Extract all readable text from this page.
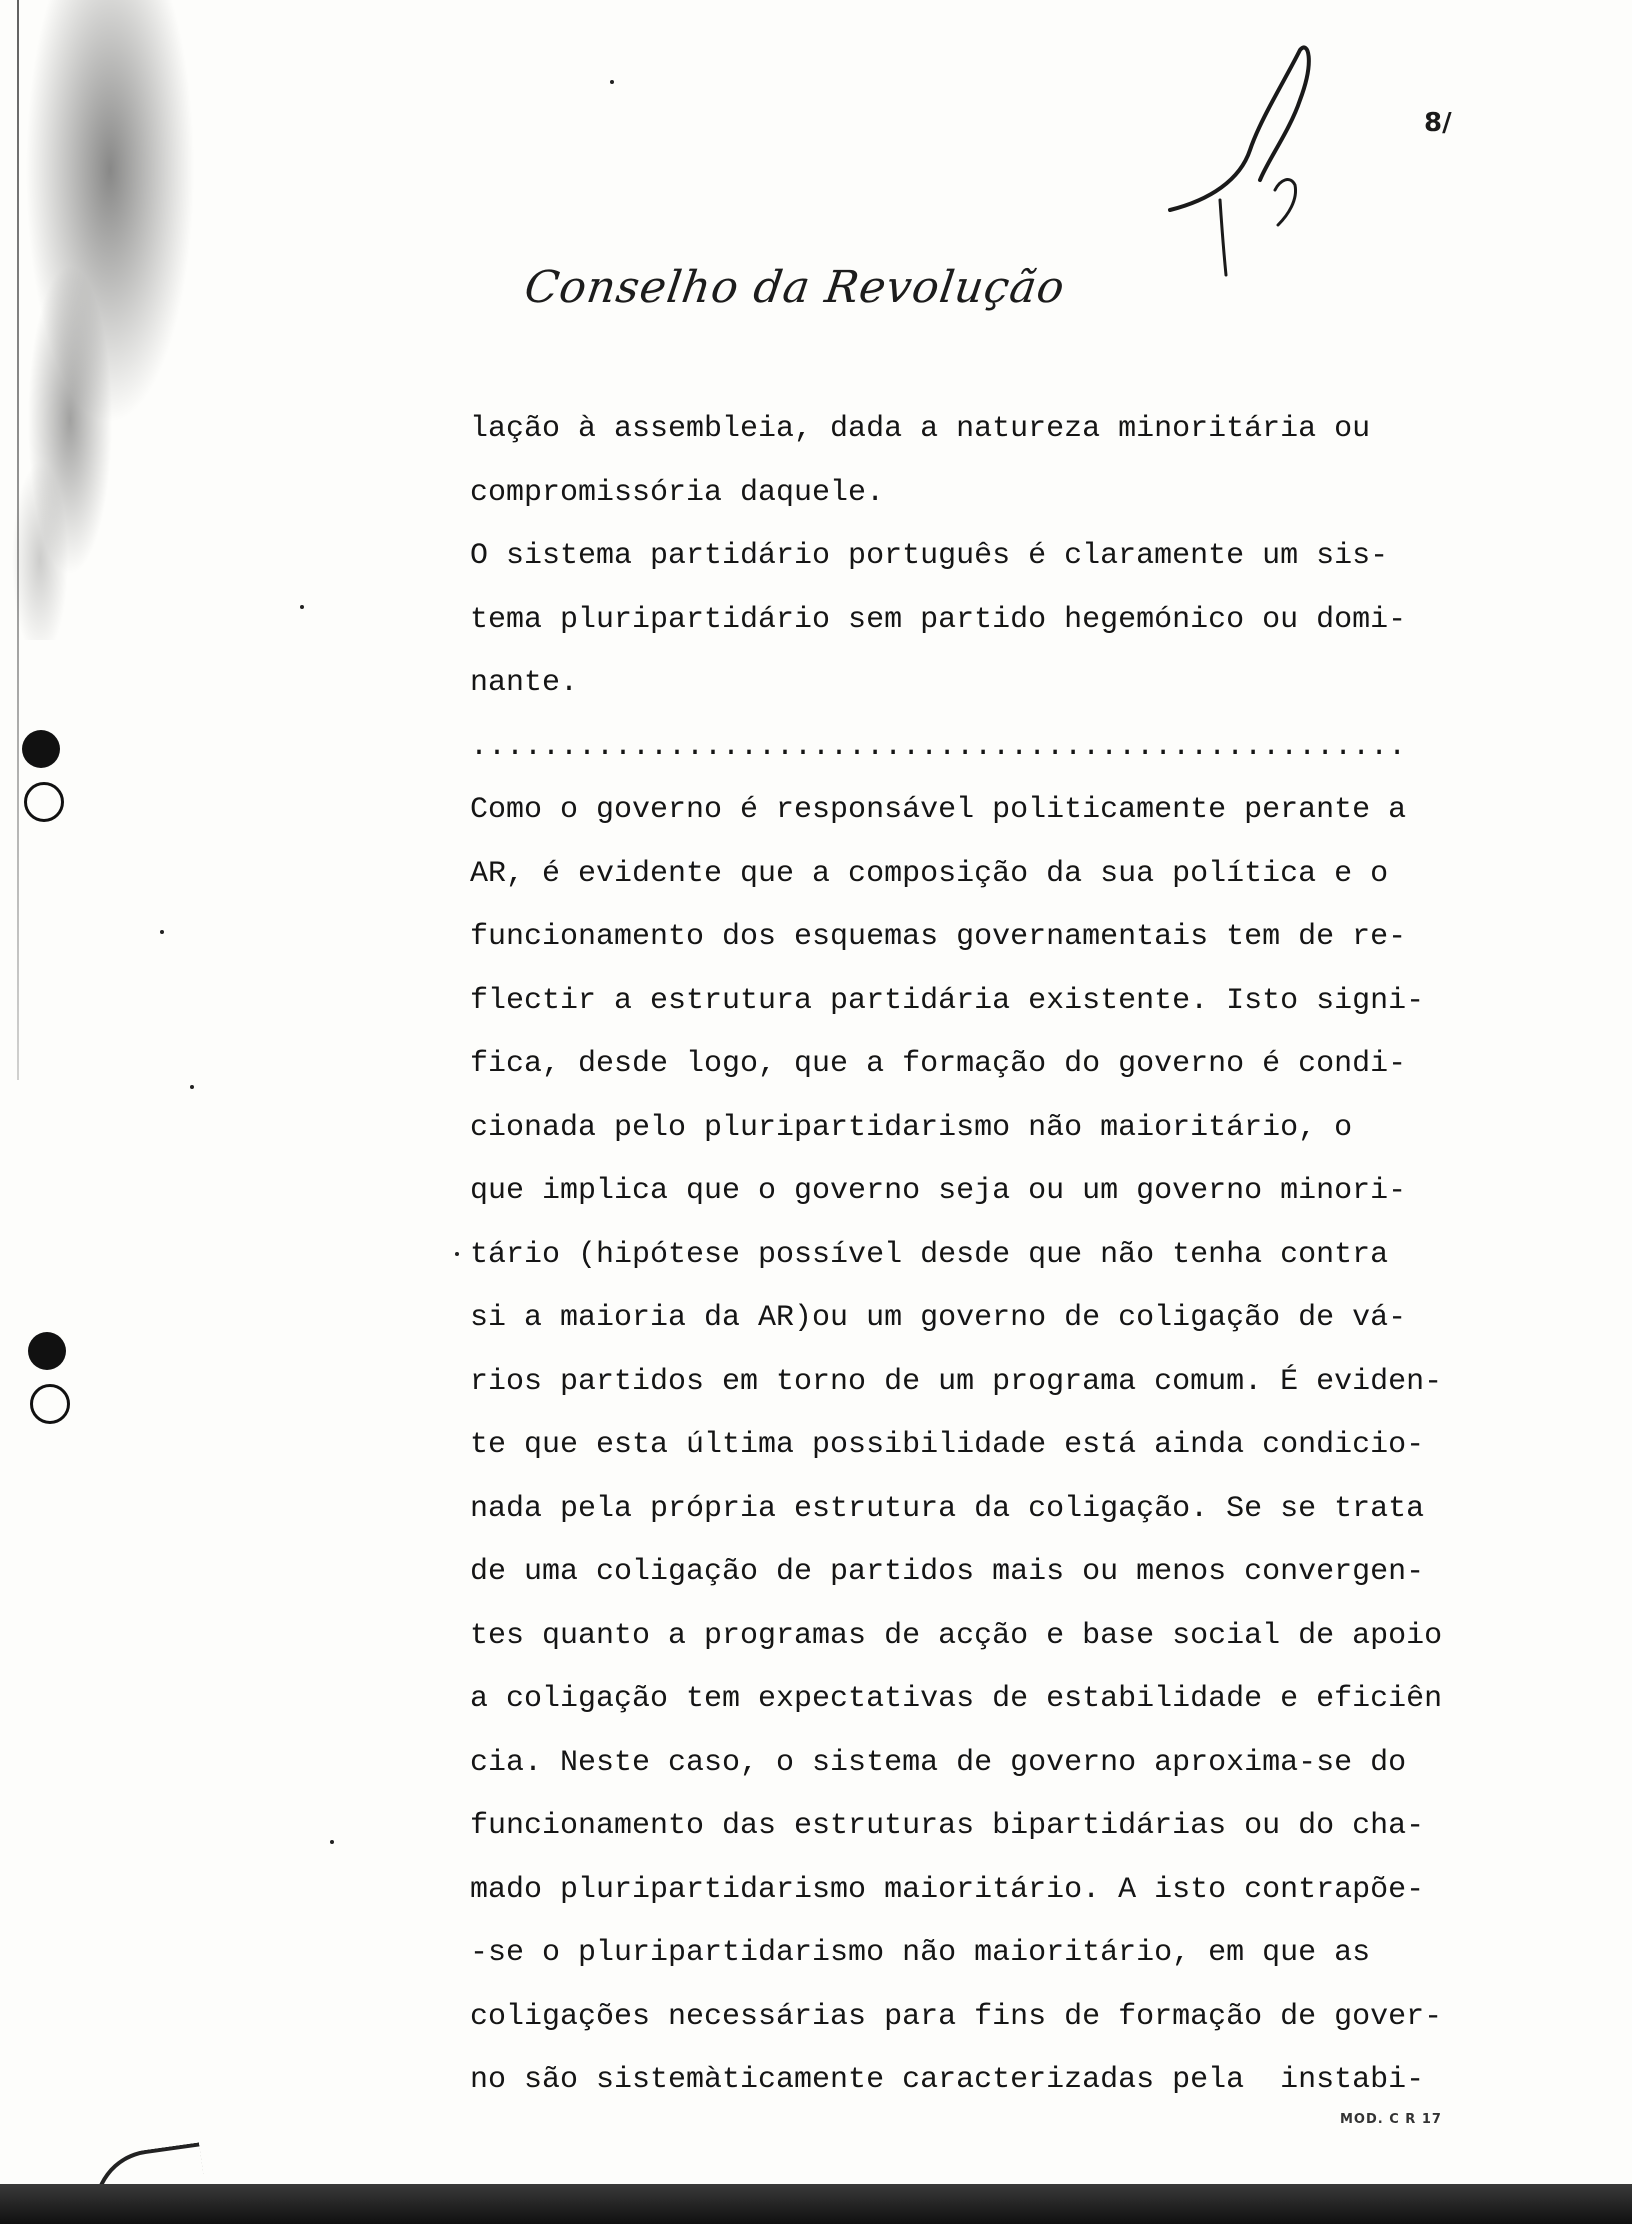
8/
Conselho da Revolução
lação à assembleia, dada a natureza minoritária ou
compromissória daquele.
O sistema partidário português é claramente um sis-
tema pluripartidário sem partido hegemónico ou domi-
nante.
....................................................
Como o governo é responsável politicamente perante a
AR, é evidente que a composição da sua política e o
funcionamento dos esquemas governamentais tem de re-
flectir a estrutura partidária existente. Isto signi-
fica, desde logo, que a formação do governo é condi-
cionada pelo pluripartidarismo não maioritário, o
que implica que o governo seja ou um governo minori-
tário (hipótese possível desde que não tenha contra
si a maioria da AR)ou um governo de coligação de vá-
rios partidos em torno de um programa comum. É eviden-
te que esta última possibilidade está ainda condicio-
nada pela própria estrutura da coligação. Se se trata
de uma coligação de partidos mais ou menos convergen-
tes quanto a programas de acção e base social de apoio
a coligação tem expectativas de estabilidade e eficiên
cia. Neste caso, o sistema de governo aproxima-se do
funcionamento das estruturas bipartidárias ou do cha-
mado pluripartidarismo maioritário. A isto contrapõe-
-se o pluripartidarismo não maioritário, em que as
coligações necessárias para fins de formação de gover-
no são sistemàticamente caracterizadas pela  instabi-
MOD. C R 17
